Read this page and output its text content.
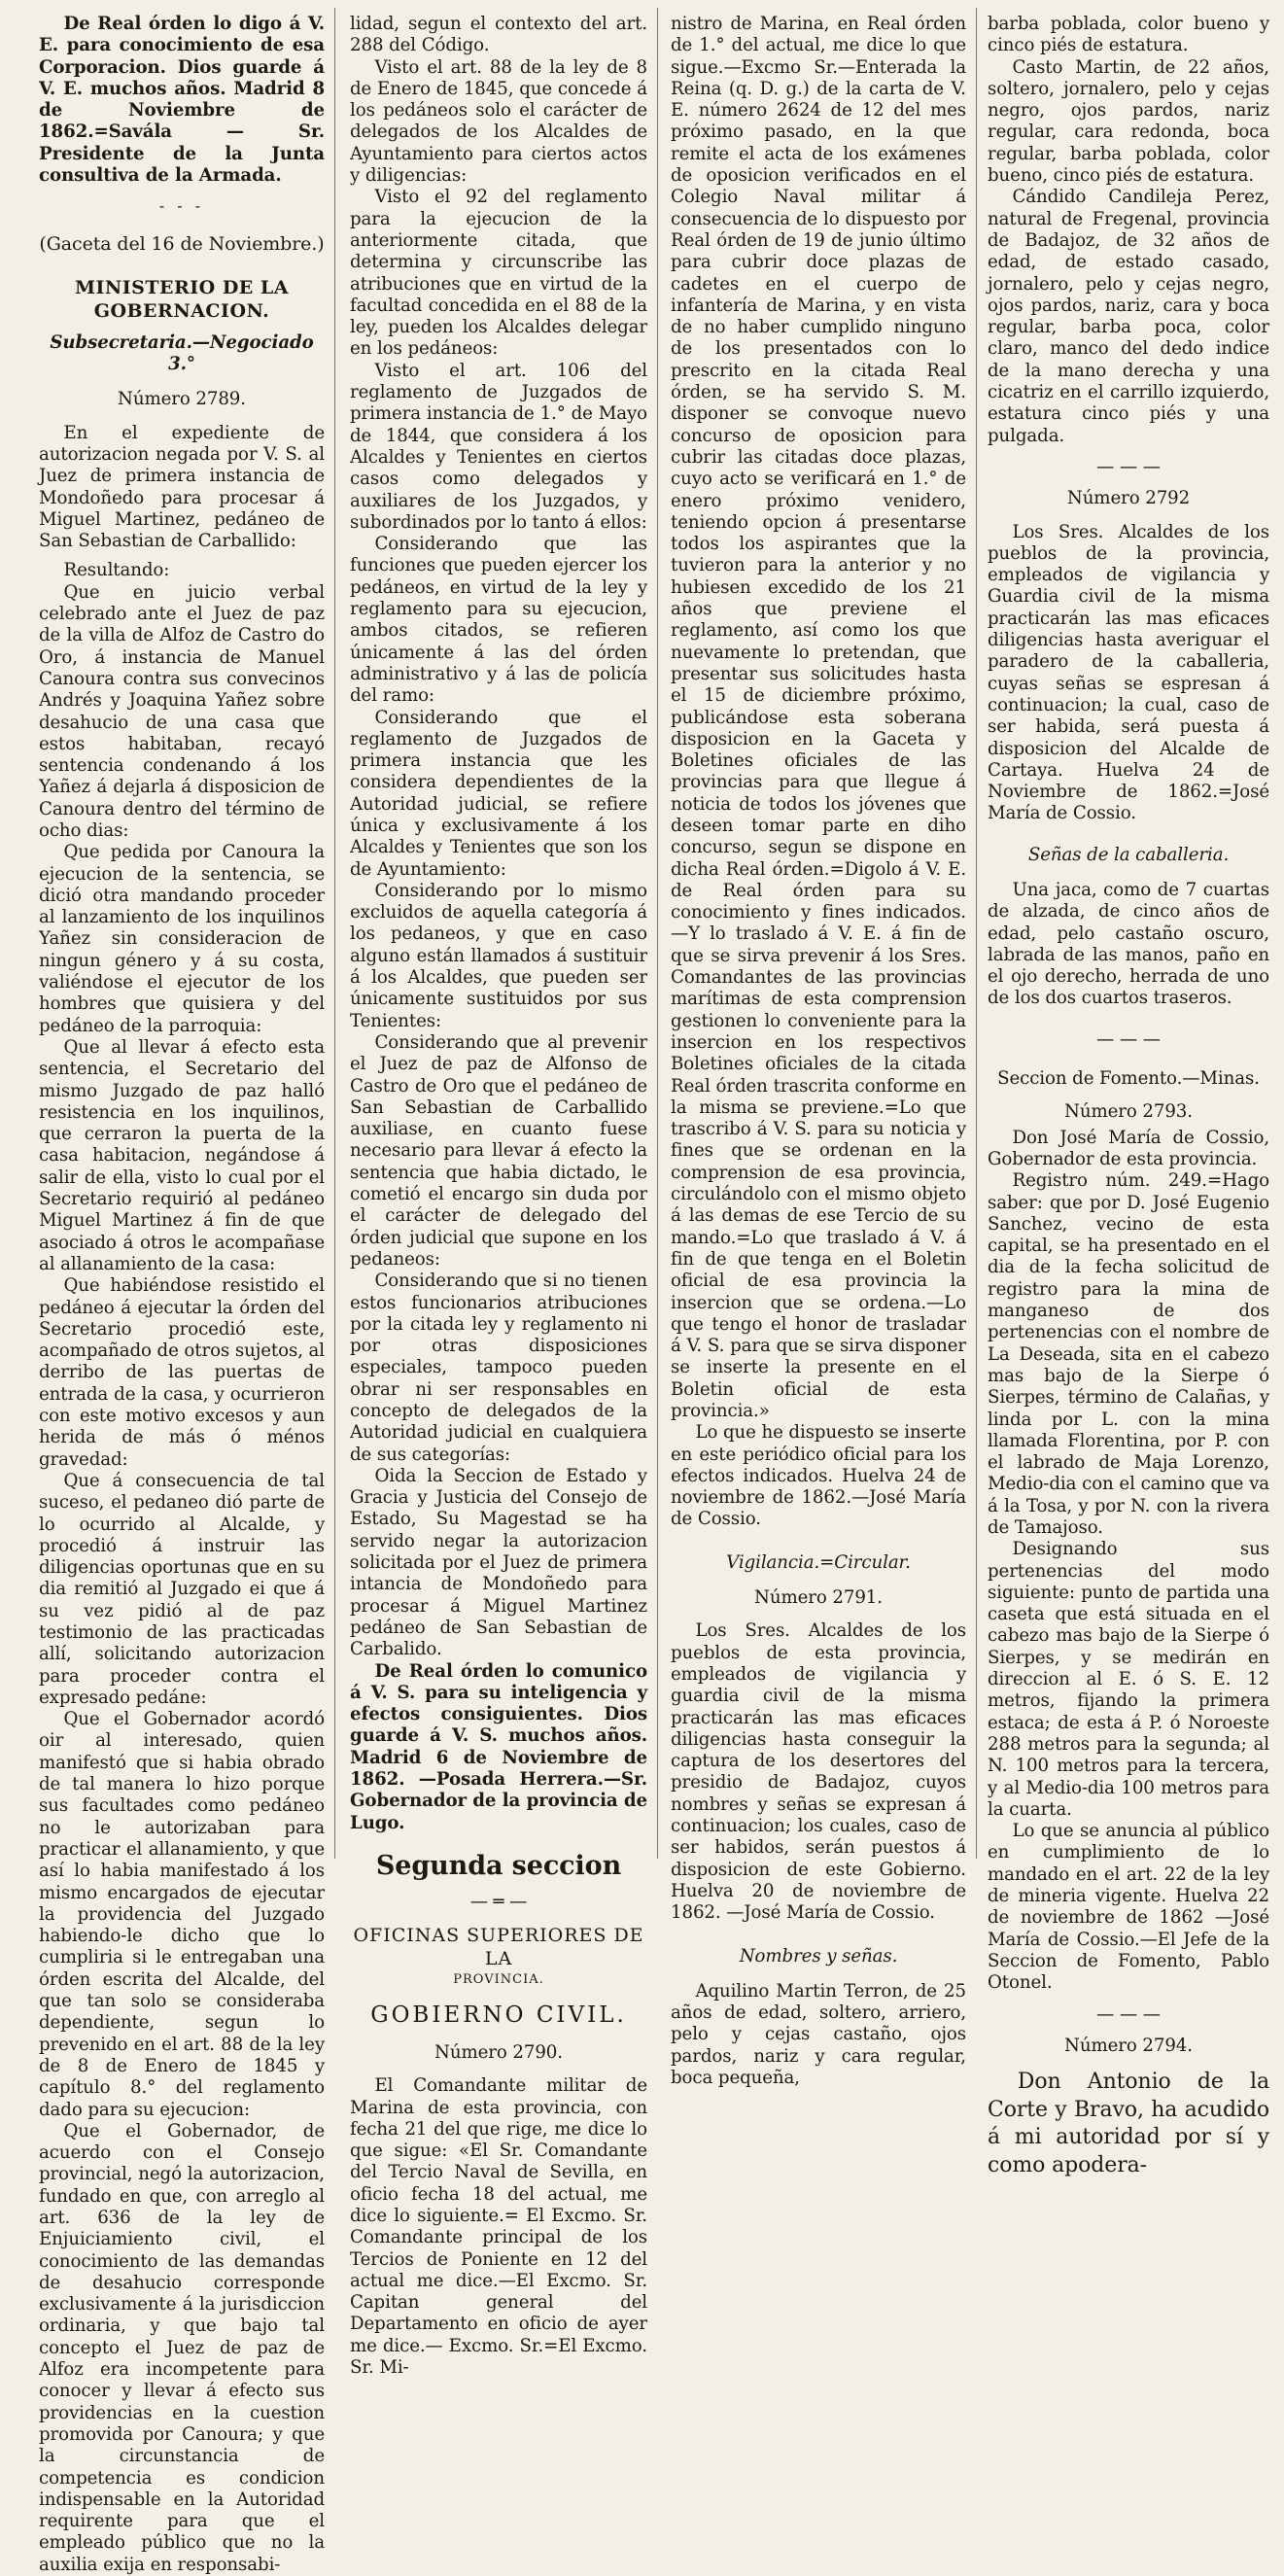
De Real órden lo digo á V. E. para conocimiento de esa Corporacion. Dios guarde á V. E. muchos años. Madrid 8 de Noviembre de 1862.=Savála — Sr. Presidente de la Junta consultiva de la Armada.

- - -
(Gaceta del 16 de Noviembre.)
MINISTERIO DE LA GOBERNACION.
Subsecretaria.—Negociado 3.°
Número 2789.

En el expediente de autorizacion negada por V. S. al Juez de primera instancia de Mondoñedo para procesar á Miguel Martinez, pedáneo de San Sebastian de Carballido:

Resultando:

Que en juicio verbal celebrado ante el Juez de paz de la villa de Alfoz de Castro do Oro, á instancia de Manuel Canoura contra sus convecinos Andrés y Joaquina Yañez sobre desahucio de una casa que estos habitaban, recayó sentencia condenando á los Yañez á dejarla á disposicion de Canoura dentro del término de ocho dias:

Que pedida por Canoura la ejecucion de la sentencia, se dició otra mandando proceder al lanzamiento de los inquilinos Yañez sin consideracion de ningun género y á su costa, valiéndose el ejecutor de los hombres que quisiera y del pedáneo de la parroquia:

Que al llevar á efecto esta sentencia, el Secretario del mismo Juzgado de paz halló resistencia en los inquilinos, que cerraron la puerta de la casa habitacion, negándose á salir de ella, visto lo cual por el Secretario requirió al pedáneo Miguel Martinez á fin de que asociado á otros le acompañase al allanamiento de la casa:

Que habiéndose resistido el pedáneo á ejecutar la órden del Secretario procedió este, acompañado de otros sujetos, al derribo de las puertas de entrada de la casa, y ocurrieron con este motivo excesos y aun herida de más ó ménos gravedad:

Que á consecuencia de tal suceso, el pedaneo dió parte de lo ocurrido al Alcalde, y procedió á instruir las diligencias oportunas que en su dia remitió al Juzgado ei que á su vez pidió al de paz testimonio de las practicadas allí, solicitando autorizacion para proceder contra el expresado pedáne:

Que el Gobernador acordó oir al interesado, quien manifestó que si habia obrado de tal manera lo hizo porque sus facultades como pedáneo no le autorizaban para practicar el allanamiento, y que así lo habia manifestado á los mismo encargados de ejecutar la providencia del Juzgado habiendo-le dicho que lo cumpliria si le entregaban una órden escrita del Alcalde, del que tan solo se consideraba dependiente, segun lo prevenido en el art. 88 de la ley de 8 de Enero de 1845 y capítulo 8.° del reglamento dado para su ejecucion:

Que el Gobernador, de acuerdo con el Consejo provincial, negó la autorizacion, fundado en que, con arreglo al art. 636 de la ley de Enjuiciamiento civil, el conocimiento de las demandas de desahucio corresponde exclusivamente á la jurisdiccion ordinaria, y que bajo tal concepto el Juez de paz de Alfoz era incompetente para conocer y llevar á efecto sus providencias en la cuestion promovida por Canoura; y que la circunstancia de competencia es condicion indispensable en la Autoridad requirente para que el empleado público que no la auxilia exija en responsabi-

lidad, segun el contexto del art. 288 del Código.

Visto el art. 88 de la ley de 8 de Enero de 1845, que concede á los pedáneos solo el carácter de delegados de los Alcaldes de Ayuntamiento para ciertos actos y diligencias:

Visto el 92 del reglamento para la ejecucion de la anteriormente citada, que determina y circunscribe las atribuciones que en virtud de la facultad concedida en el 88 de la ley, pueden los Alcaldes delegar en los pedáneos:

Visto el art. 106 del reglamento de Juzgados de primera instancia de 1.° de Mayo de 1844, que considera á los Alcaldes y Tenientes en ciertos casos como delegados y auxiliares de los Juzgados, y subordinados por lo tanto á ellos:

Considerando que las funciones que pueden ejercer los pedáneos, en virtud de la ley y reglamento para su ejecucion, ambos citados, se refieren únicamente á las del órden administrativo y á las de policía del ramo:

Considerando que el reglamento de Juzgados de primera instancia que les considera dependientes de la Autoridad judicial, se refiere única y exclusivamente á los Alcaldes y Tenientes que son los de Ayuntamiento:

Considerando por lo mismo excluidos de aquella categoría á los pedaneos, y que en caso alguno están llamados á sustituir á los Alcaldes, que pueden ser únicamente sustituidos por sus Tenientes:

Considerando que al prevenir el Juez de paz de Alfonso de Castro de Oro que el pedáneo de San Sebastian de Carballido auxiliase, en cuanto fuese necesario para llevar á efecto la sentencia que habia dictado, le cometió el encargo sin duda por el carácter de delegado del órden judicial que supone en los pedaneos:

Considerando que si no tienen estos funcionarios atribuciones por la citada ley y reglamento ni por otras disposiciones especiales, tampoco pueden obrar ni ser responsables en concepto de delegados de la Autoridad judicial en cualquiera de sus categorías:

Oida la Seccion de Estado y Gracia y Justicia del Consejo de Estado, Su Magestad se ha servido negar la autorizacion solicitada por el Juez de primera intancia de Mondoñedo para procesar á Miguel Martinez pedáneo de San Sebastian de Carbalido.

De Real órden lo comunico á V. S. para su inteligencia y efectos consiguientes. Dios guarde á V. S. muchos años. Madrid 6 de Noviembre de 1862. —Posada Herrera.—Sr. Gobernador de la provincia de Lugo.

Segunda seccion
— ═ —
OFICINAS SUPERIORES DE LA
PROVINCIA.
GOBIERNO CIVIL.
Número 2790.

El Comandante militar de Marina de esta provincia, con fecha 21 del que rige, me dice lo que sigue: «El Sr. Comandante del Tercio Naval de Sevilla, en oficio fecha 18 del actual, me dice lo siguiente.= El Excmo. Sr. Comandante principal de los Tercios de Poniente en 12 del actual me dice.—El Excmo. Sr. Capitan general del Departamento en oficio de ayer me dice.— Excmo. Sr.=El Excmo. Sr. Mi-

nistro de Marina, en Real órden de 1.° del actual, me dice lo que sigue.—Excmo Sr.—Enterada la Reina (q. D. g.) de la carta de V. E. número 2624 de 12 del mes próximo pasado, en la que remite el acta de los exámenes de oposicion verificados en el Colegio Naval militar á consecuencia de lo dispuesto por Real órden de 19 de junio último para cubrir doce plazas de cadetes en el cuerpo de infantería de Marina, y en vista de no haber cumplido ninguno de los presentados con lo prescrito en la citada Real órden, se ha servido S. M. disponer se convoque nuevo concurso de oposicion para cubrir las citadas doce plazas, cuyo acto se verificará en 1.° de enero próximo venidero, teniendo opcion á presentarse todos los aspirantes que la tuvieron para la anterior y no hubiesen excedido de los 21 años que previene el reglamento, así como los que nuevamente lo pretendan, que presentar sus solicitudes hasta el 15 de diciembre próximo, publicándose esta soberana disposicion en la Gaceta y Boletines oficiales de las provincias para que llegue á noticia de todos los jóvenes que deseen tomar parte en diho concurso, segun se dispone en dicha Real órden.=Digolo á V. E. de Real órden para su conocimiento y fines indicados.—Y lo traslado á V. E. á fin de que se sirva prevenir á los Sres. Comandantes de las provincias marítimas de esta comprension gestionen lo conveniente para la insercion en los respectivos Boletines oficiales de la citada Real órden trascrita conforme en la misma se previene.=Lo que trascribo á V. S. para su noticia y fines que se ordenan en la comprension de esa provincia, circulándolo con el mismo objeto á las demas de ese Tercio de su mando.=Lo que traslado á V. á fin de que tenga en el Boletin oficial de esa provincia la insercion que se ordena.—Lo que tengo el honor de trasladar á V. S. para que se sirva disponer se inserte la presente en el Boletin oficial de esta provincia.»

Lo que he dispuesto se inserte en este periódico oficial para los efectos indicados. Huelva 24 de noviembre de 1862.—José María de Cossio.

Vigilancia.=Circular.
Número 2791.

Los Sres. Alcaldes de los pueblos de esta provincia, empleados de vigilancia y guardia civil de la misma practicarán las mas eficaces diligencias hasta conseguir la captura de los desertores del presidio de Badajoz, cuyos nombres y señas se expresan á continuacion; los cuales, caso de ser habidos, serán puestos á disposicion de este Gobierno. Huelva 20 de noviembre de 1862. —José María de Cossio.

Nombres y señas.

Aquilino Martin Terron, de 25 años de edad, soltero, arriero, pelo y cejas castaño, ojos pardos, nariz y cara regular, boca pequeña,

barba poblada, color bueno y cinco piés de estatura.

Casto Martin, de 22 años, soltero, jornalero, pelo y cejas negro, ojos pardos, nariz regular, cara redonda, boca regular, barba poblada, color bueno, cinco piés de estatura.

Cándido Candileja Perez, natural de Fregenal, provincia de Badajoz, de 32 años de edad, de estado casado, jornalero, pelo y cejas negro, ojos pardos, nariz, cara y boca regular, barba poca, color claro, manco del dedo indice de la mano derecha y una cicatriz en el carrillo izquierdo, estatura cinco piés y una pulgada.

— — —
Número 2792

Los Sres. Alcaldes de los pueblos de la provincia, empleados de vigilancia y Guardia civil de la misma practicarán las mas eficaces diligencias hasta averiguar el paradero de la caballeria, cuyas señas se espresan á continuacion; la cual, caso de ser habida, será puesta á disposicion del Alcalde de Cartaya. Huelva 24 de Noviembre de 1862.=José María de Cossio.

Señas de la caballeria.

Una jaca, como de 7 cuartas de alzada, de cinco años de edad, pelo castaño oscuro, labrada de las manos, paño en el ojo derecho, herrada de uno de los dos cuartos traseros.

— — —
Seccion de Fomento.—Minas.
Número 2793.

Don José María de Cossio, Gobernador de esta provincia.

Registro núm. 249.=Hago saber: que por D. José Eugenio Sanchez, vecino de esta capital, se ha presentado en el dia de la fecha solicitud de registro para la mina de manganeso de dos pertenencias con el nombre de La Deseada, sita en el cabezo mas bajo de la Sierpe ó Sierpes, término de Calañas, y linda por L. con la mina llamada Florentina, por P. con el labrado de Maja Lorenzo, Medio-dia con el camino que va á la Tosa, y por N. con la rivera de Tamajoso.

Designando sus pertenencias del modo siguiente: punto de partida una caseta que está situada en el cabezo mas bajo de la Sierpe ó Sierpes, y se medirán en direccion al E. ó S. E. 12 metros, fijando la primera estaca; de esta á P. ó Noroeste 288 metros para la segunda; al N. 100 metros para la tercera, y al Medio-dia 100 metros para la cuarta.

Lo que se anuncia al público en cumplimiento de lo mandado en el art. 22 de la ley de mineria vigente. Huelva 22 de noviembre de 1862 —José María de Cossio.—El Jefe de la Seccion de Fomento, Pablo Otonel.

— — —
Número 2794.

Don Antonio de la Corte y Bravo, ha acudido á mi autoridad por sí y como apodera-
